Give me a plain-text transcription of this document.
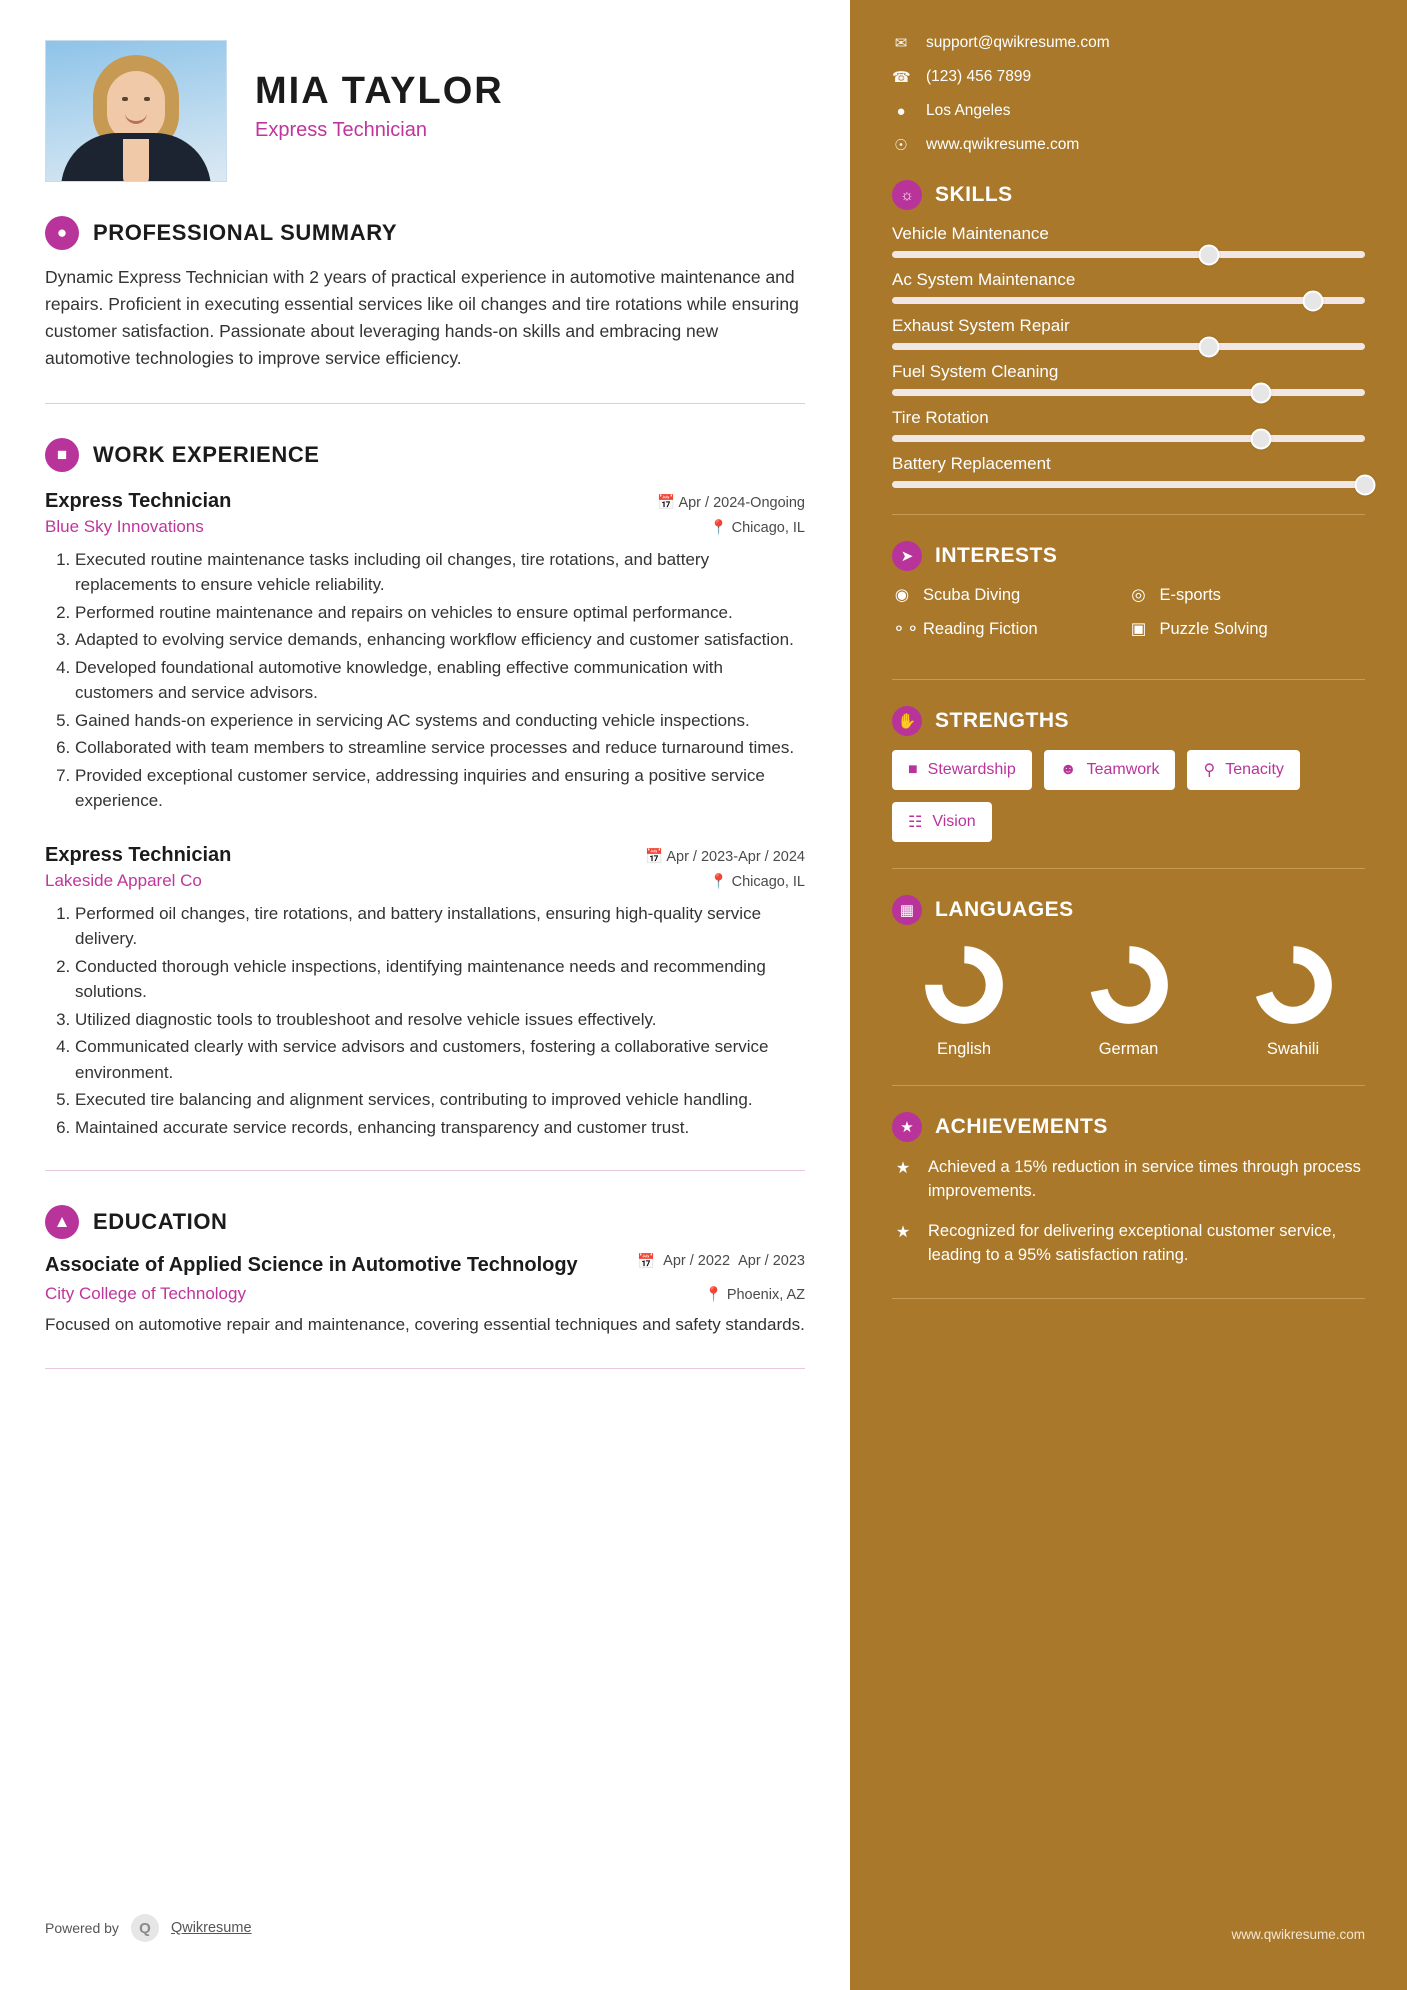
MIA TAYLOR
Express Technician
●	PROFESSIONAL SUMMARY

Dynamic Express Technician with 2 years of practical experience in automotive maintenance and repairs. Proficient in executing essential services like oil changes and tire rotations while ensuring customer satisfaction. Passionate about leveraging hands-on skills and embracing new automotive technologies to improve service efficiency.

■	WORK EXPERIENCE
Express Technician	📅 Apr / 2024-Ongoing
Blue Sky Innovations	📍 Chicago, IL
1. Executed routine maintenance tasks including oil changes, tire rotations, and battery replacements to ensure vehicle reliability.
2. Performed routine maintenance and repairs on vehicles to ensure optimal performance.
3. Adapted to evolving service demands, enhancing workflow efficiency and customer satisfaction.
4. Developed foundational automotive knowledge, enabling effective communication with customers and service advisors.
5. Gained hands-on experience in servicing AC systems and conducting vehicle inspections.
6. Collaborated with team members to streamline service processes and reduce turnaround times.
7. Provided exceptional customer service, addressing inquiries and ensuring a positive service experience.
Express Technician	📅 Apr / 2023-Apr / 2024
Lakeside Apparel Co	📍 Chicago, IL
1. Performed oil changes, tire rotations, and battery installations, ensuring high-quality service delivery.
2. Conducted thorough vehicle inspections, identifying maintenance needs and recommending solutions.
3. Utilized diagnostic tools to troubleshoot and resolve vehicle issues effectively.
4. Communicated clearly with service advisors and customers, fostering a collaborative service environment.
5. Executed tire balancing and alignment services, contributing to improved vehicle handling.
6. Maintained accurate service records, enhancing transparency and customer trust.
▲	EDUCATION
Associate of Applied Science in Automotive Technology	📅 Apr / 2022 Apr / 2023
City College of Technology	📍 Phoenix, AZ

Focused on automotive repair and maintenance, covering essential techniques and safety standards.

Powered by	Q	Qwikresume
✉ support@qwikresume.com
☎ (123) 456 7899
● Los Angeles
☉ www.qwikresume.com
☼	SKILLS
Vehicle Maintenance
Ac System Maintenance
Exhaust System Repair
Fuel System Cleaning
Tire Rotation
Battery Replacement
➤	INTERESTS
◉ Scuba Diving	◎ E-sports
⚬⚬ Reading Fiction	▣ Puzzle Solving
✋ STRENGTHS
■ Stewardship	☻ Teamwork	⚲ Tenacity
☷ Vision
▦ LANGUAGES
English	German	Swahili
★	ACHIEVEMENTS
★ Achieved a 15% reduction in service times through process improvements.
★ Recognized for delivering exceptional customer service, leading to a 95% satisfaction rating.
www.qwikresume.com
